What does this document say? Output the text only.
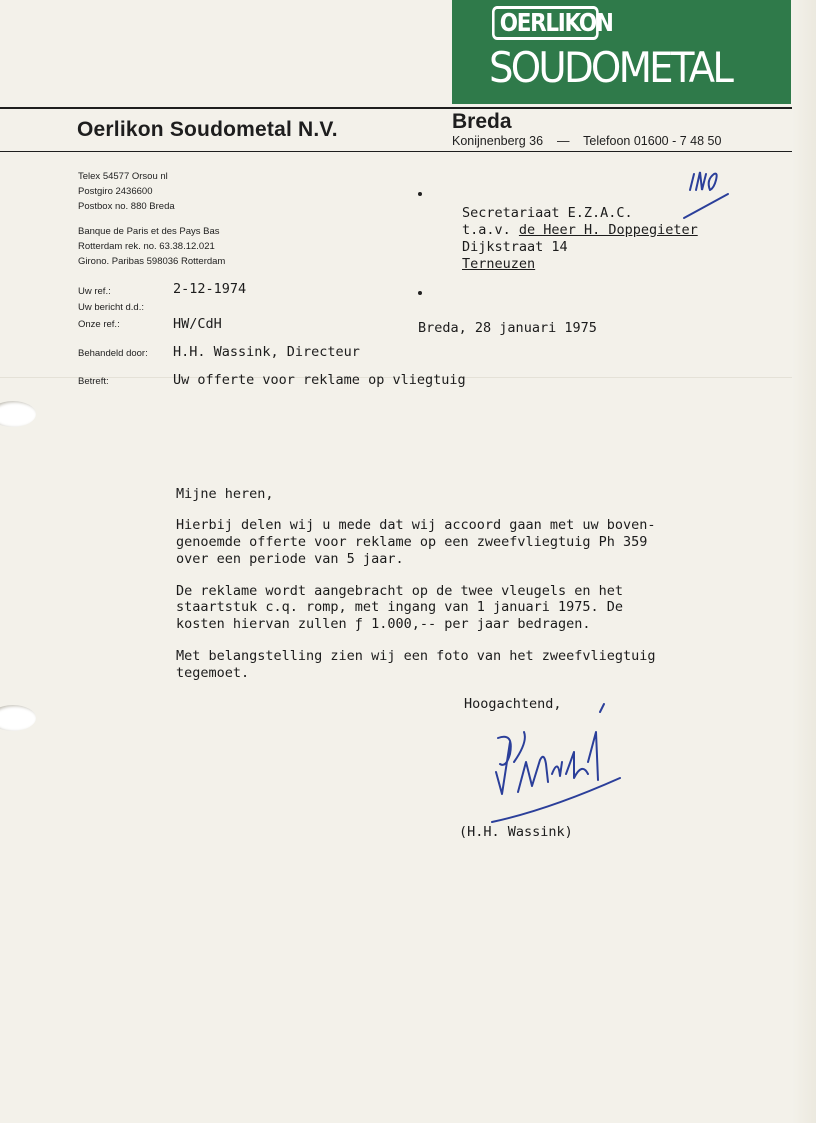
OERLIKON
SOUDOMETAL
Oerlikon Soudometal N.V.	Breda
Konijnenberg 36 — Telefoon 01600 - 7 48 50
Telex 54577 Orsou nl
Postgiro 2436600
Postbox no. 880 Breda
Banque de Paris et des Pays Bas
Rotterdam rek. no. 63.38.12.021
Girono. Paribas 598036 Rotterdam
Uw ref.:	2-12-1974
Uw bericht d.d.:
Onze ref.:	HW/CdH
Behandeld door: H.H. Wassink, Directeur
Betreft:	Uw offerte voor reklame op vliegtuig
Secretariaat E.Z.A.C.
t.a.v. de Heer H. Doppegieter
Dijkstraat 14
Terneuzen
Breda, 28 januari 1975
Mijne heren,
Hierbij delen wij u mede dat wij accoord gaan met uw boven-
genoemde offerte voor reklame op een zweefvliegtuig Ph 359
over een periode van 5 jaar.
De reklame wordt aangebracht op de twee vleugels en het
staartstuk c.q. romp, met ingang van 1 januari 1975. De
kosten hiervan zullen ƒ 1.000,-- per jaar bedragen.
Met belangstelling zien wij een foto van het zweefvliegtuig
tegemoet.
Hoogachtend,
(H.H. Wassink)
